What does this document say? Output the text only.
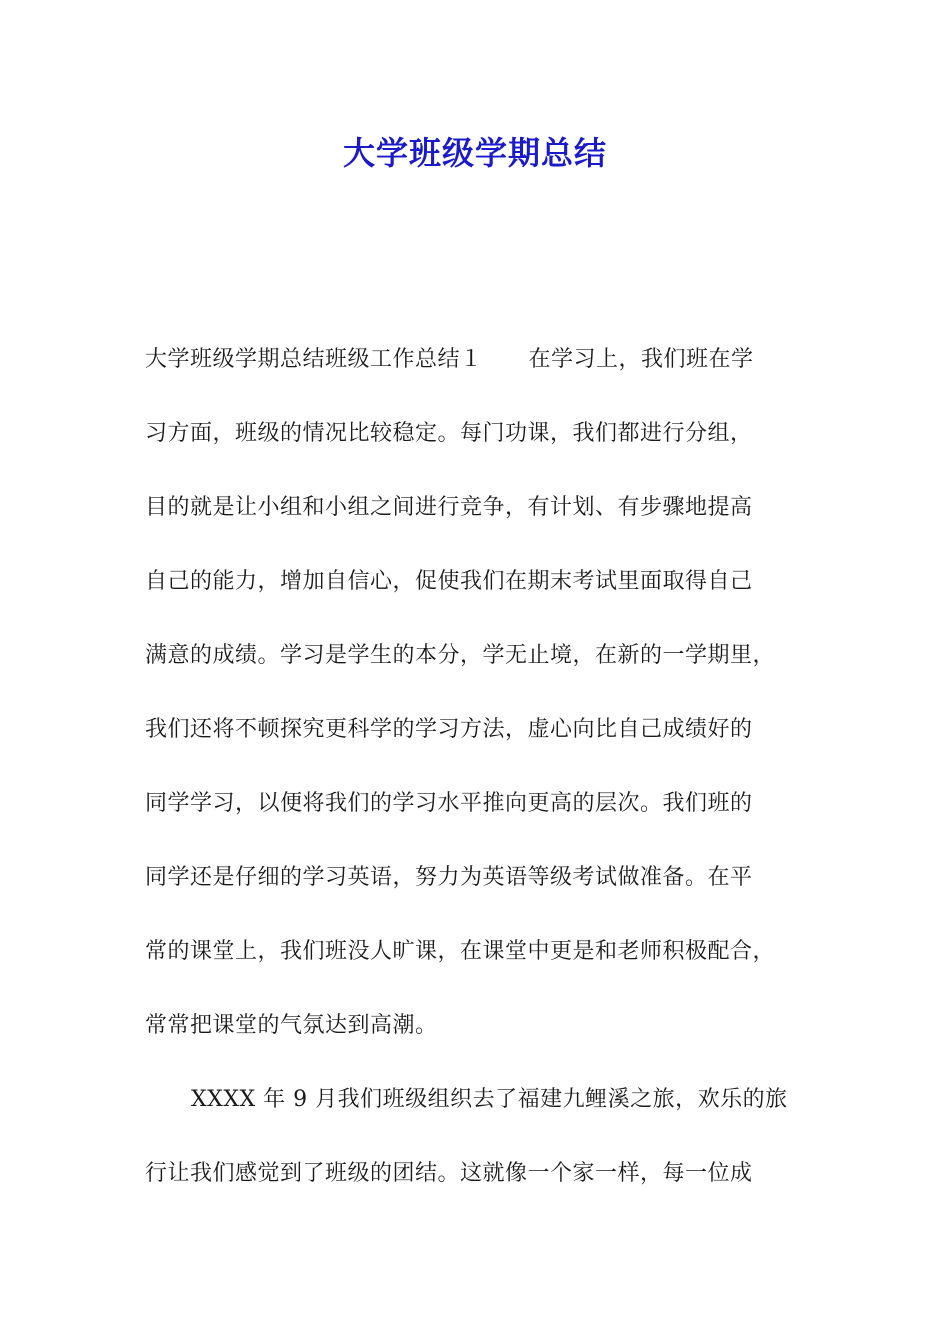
大学班级学期总结
大学班级学期总结班级工作总结１ 在学习上，我们班在学
习方面，班级的情况比较稳定。每门功课，我们都进行分组，
目的就是让小组和小组之间进行竞争，有计划、有步骤地提高
自己的能力，增加自信心，促使我们在期末考试里面取得自己
满意的成绩。学习是学生的本分，学无止境，在新的一学期里，
我们还将不顿探究更科学的学习方法，虚心向比自己成绩好的
同学学习，以便将我们的学习水平推向更高的层次。我们班的
同学还是仔细的学习英语，努力为英语等级考试做准备。在平
常的课堂上，我们班没人旷课，在课堂中更是和老师积极配合，
常常把课堂的气氛达到高潮。
XXXX 年 9 月我们班级组织去了福建九鲤溪之旅，欢乐的旅
行让我们感觉到了班级的团结。这就像一个家一样，每一位成
